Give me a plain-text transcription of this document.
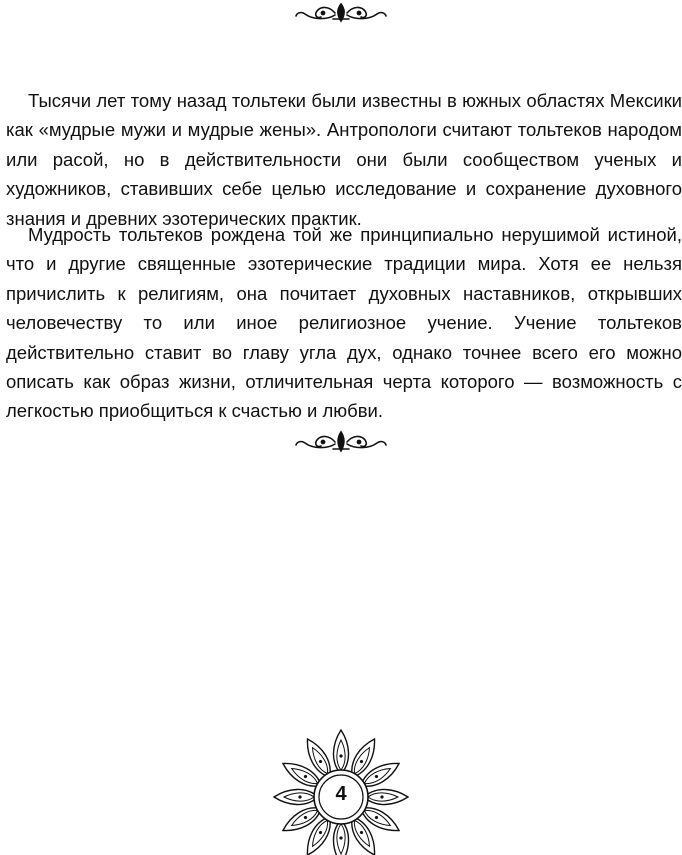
Тысячи лет тому назад тольтеки были известны в южных областях Мексики как «мудрые мужи и мудрые жены». Антропологи считают тольтеков народом или расой, но в действительности они были сообществом ученых и художников, ставивших себе целью исследование и сохранение духовного знания и древних эзотерических практик.

Мудрость тольтеков рождена той же принципиально нерушимой истиной, что и другие священные эзотерические традиции мира. Хотя ее нельзя причислить к религиям, она почитает духовных наставников, открывших человечеству то или иное религиозное учение. Учение тольтеков действительно ставит во главу угла дух, однако точнее всего его можно описать как образ жизни, отличительная черта которого — возможность с легкостью приобщиться к счастью и любви.

4
